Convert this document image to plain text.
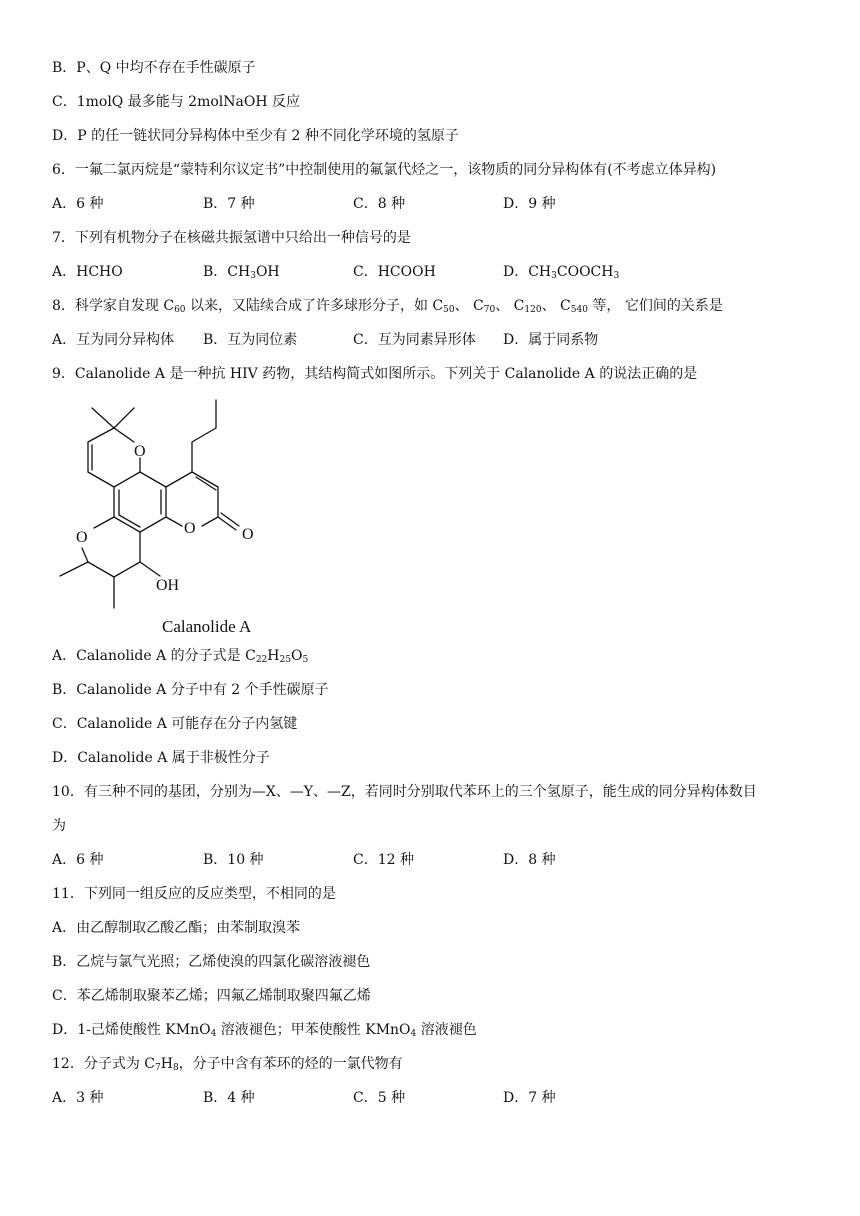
B．P、Q 中均不存在手性碳原子
C．1molQ 最多能与 2molNaOH 反应
D．P 的任一链状同分异构体中至少有 2 种不同化学环境的氢原子
6．一氟二氯丙烷是“蒙特利尔议定书”中控制使用的氟氯代烃之一，该物质的同分异构体有(不考虑立体异构)
A．6 种	B．7 种	C．8 种	D．9 种
7．下列有机物分子在核磁共振氢谱中只给出一种信号的是
A．HCHO	B．$CH_3OH$	C．HCOOH	D．$CH_3COOCH_3$
8．科学家自发现 $C_{60}$ 以来，又陆续合成了许多球形分子，如 $C_{50}$、 $C_{70}$、 $C_{120}$、 $C_{540}$ 等， 它们间的关系是
A．互为同分异构体 B．互为同位素	C．互为同素异形体 D．属于同系物
9．Calanolide A 是一种抗 HIV 药物，其结构简式如图所示。下列关于 Calanolide A 的说法正确的是
O
O	O
O
OH
Calanolide A
A．Calanolide A 的分子式是 $C_{22}H_{25}O_5$
B．Calanolide A 分子中有 2 个手性碳原子
C．Calanolide A 可能存在分子内氢键
D．Calanolide A 属于非极性分子
10．有三种不同的基团，分别为—X、—Y、—Z，若同时分别取代苯环上的三个氢原子，能生成的同分异构体数目
为
A．6 种	B．10 种	C．12 种	D．8 种
11．下列同一组反应的反应类型，不相同的是
A．由乙醇制取乙酸乙酯；由苯制取溴苯
B．乙烷与氯气光照；乙烯使溴的四氯化碳溶液褪色
C．苯乙烯制取聚苯乙烯；四氟乙烯制取聚四氟乙烯
D．1-己烯使酸性 KMnO$_4$ 溶液褪色；甲苯使酸性 KMnO$_4$ 溶液褪色
12．分子式为 $C_7H_8$，分子中含有苯环的烃的一氯代物有
A．3 种	B．4 种	C．5 种	D．7 种
